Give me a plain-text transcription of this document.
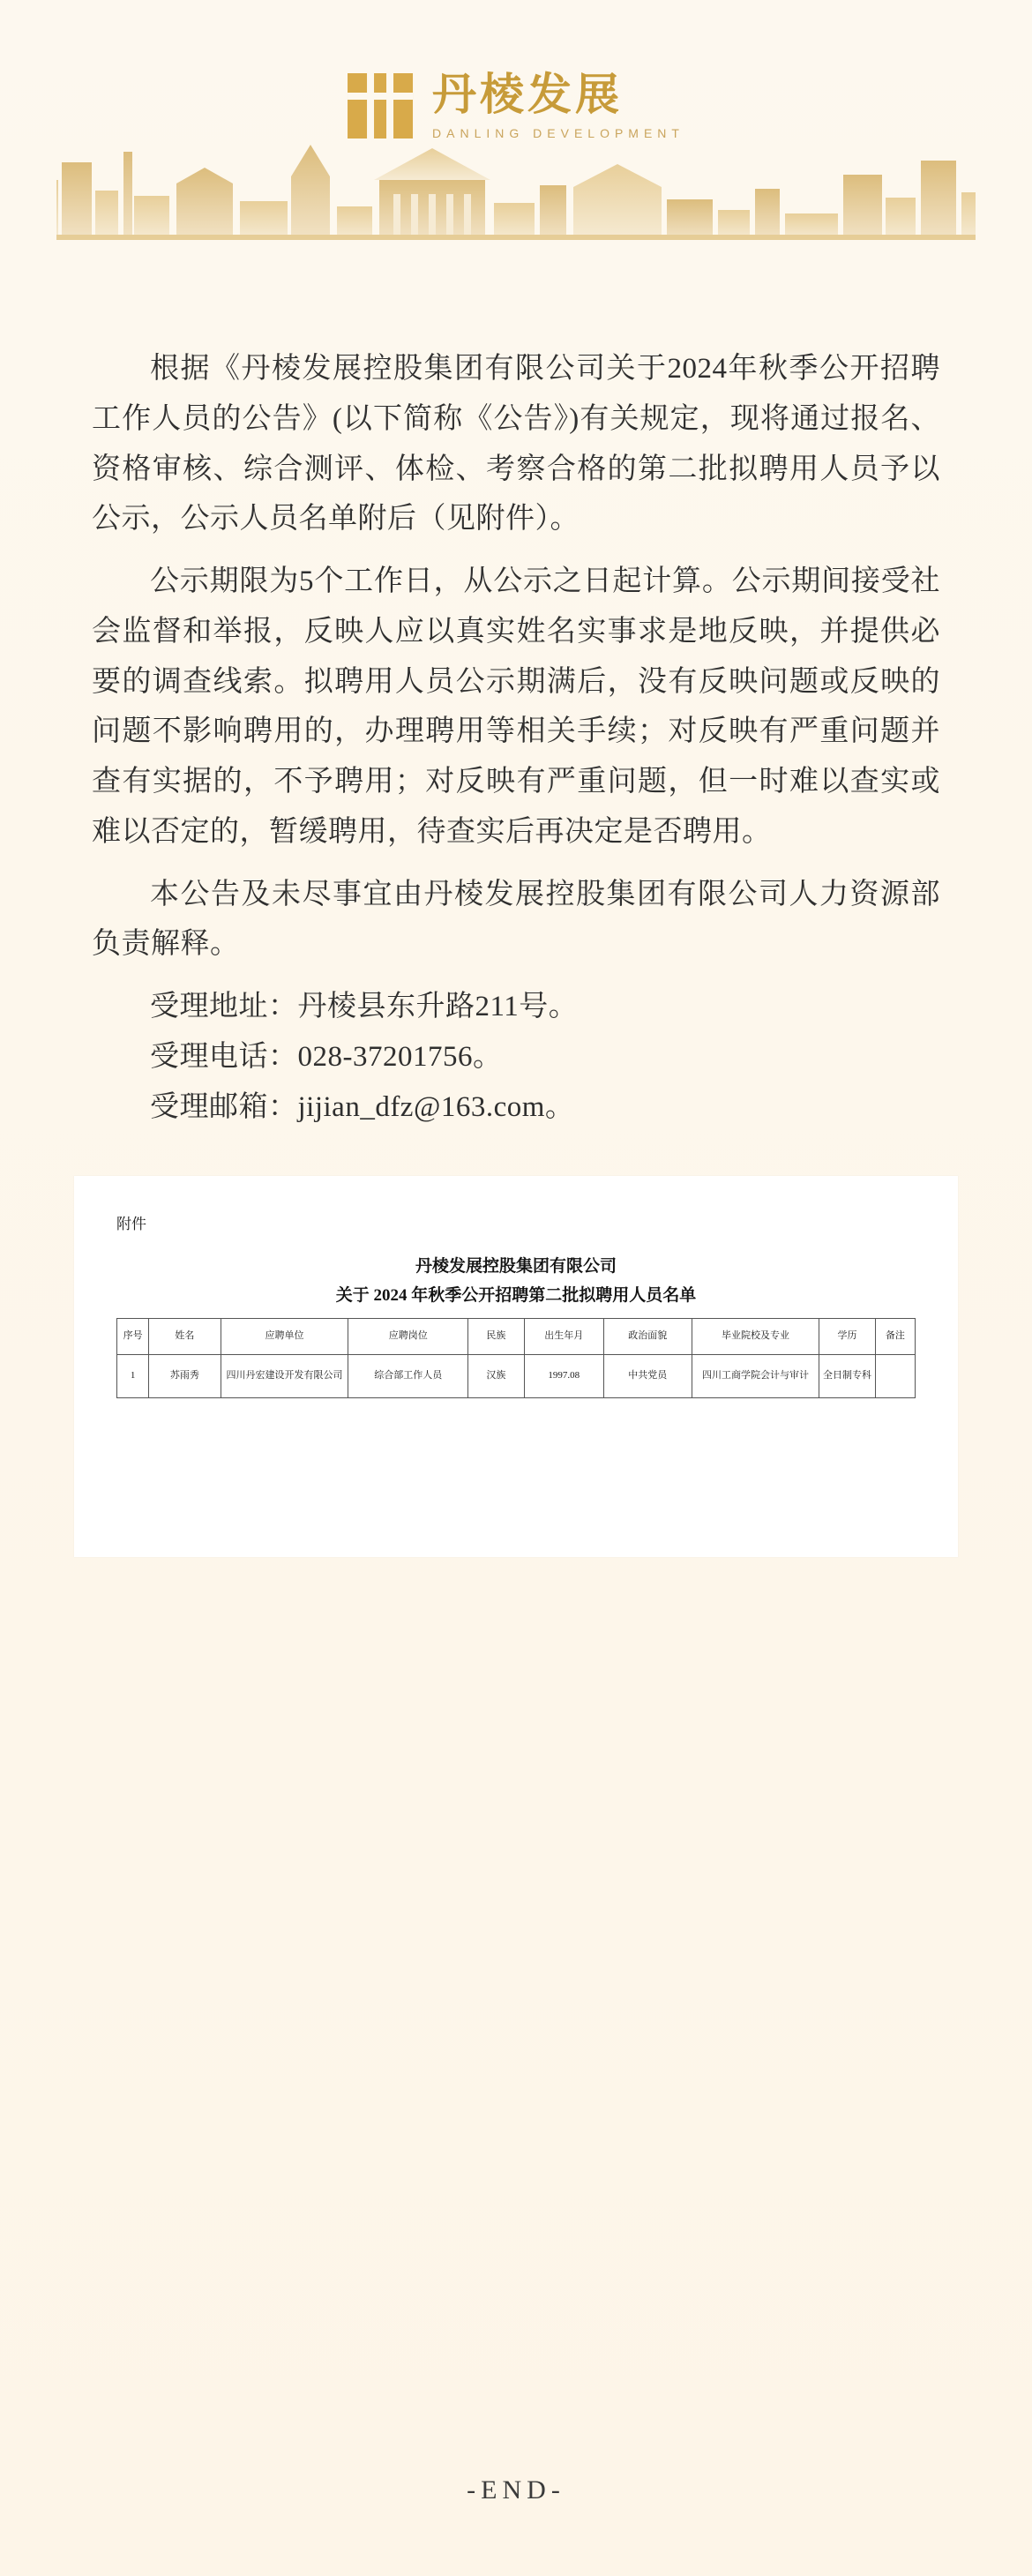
丹棱发展
DANLING DEVELOPMENT

根据《丹棱发展控股集团有限公司关于2024年秋季公开招聘工作人员的公告》(以下简称《公告》)有关规定，现将通过报名、资格审核、综合测评、体检、考察合格的第二批拟聘用人员予以公示，公示人员名单附后（见附件）。

公示期限为5个工作日，从公示之日起计算。公示期间接受社会监督和举报，反映人应以真实姓名实事求是地反映，并提供必要的调查线索。拟聘用人员公示期满后，没有反映问题或反映的问题不影响聘用的，办理聘用等相关手续；对反映有严重问题并查有实据的，不予聘用；对反映有严重问题，但一时难以查实或难以否定的，暂缓聘用，待查实后再决定是否聘用。

本公告及未尽事宜由丹棱发展控股集团有限公司人力资源部负责解释。

受理地址：丹棱县东升路211号。

受理电话：028-37201756。

受理邮箱：jijian_dfz@163.com。

附件
丹棱发展控股集团有限公司
关于 2024 年秋季公开招聘第二批拟聘用人员名单
序号	姓名	应聘单位	应聘岗位	民族	出生年月	政治面貌	毕业院校及专业	学历	备注
1	苏雨秀	四川丹宏建设开发有限公司	综合部工作人员	汉族	1997.08	中共党员	四川工商学院会计与审计	全日制专科	
-END-
